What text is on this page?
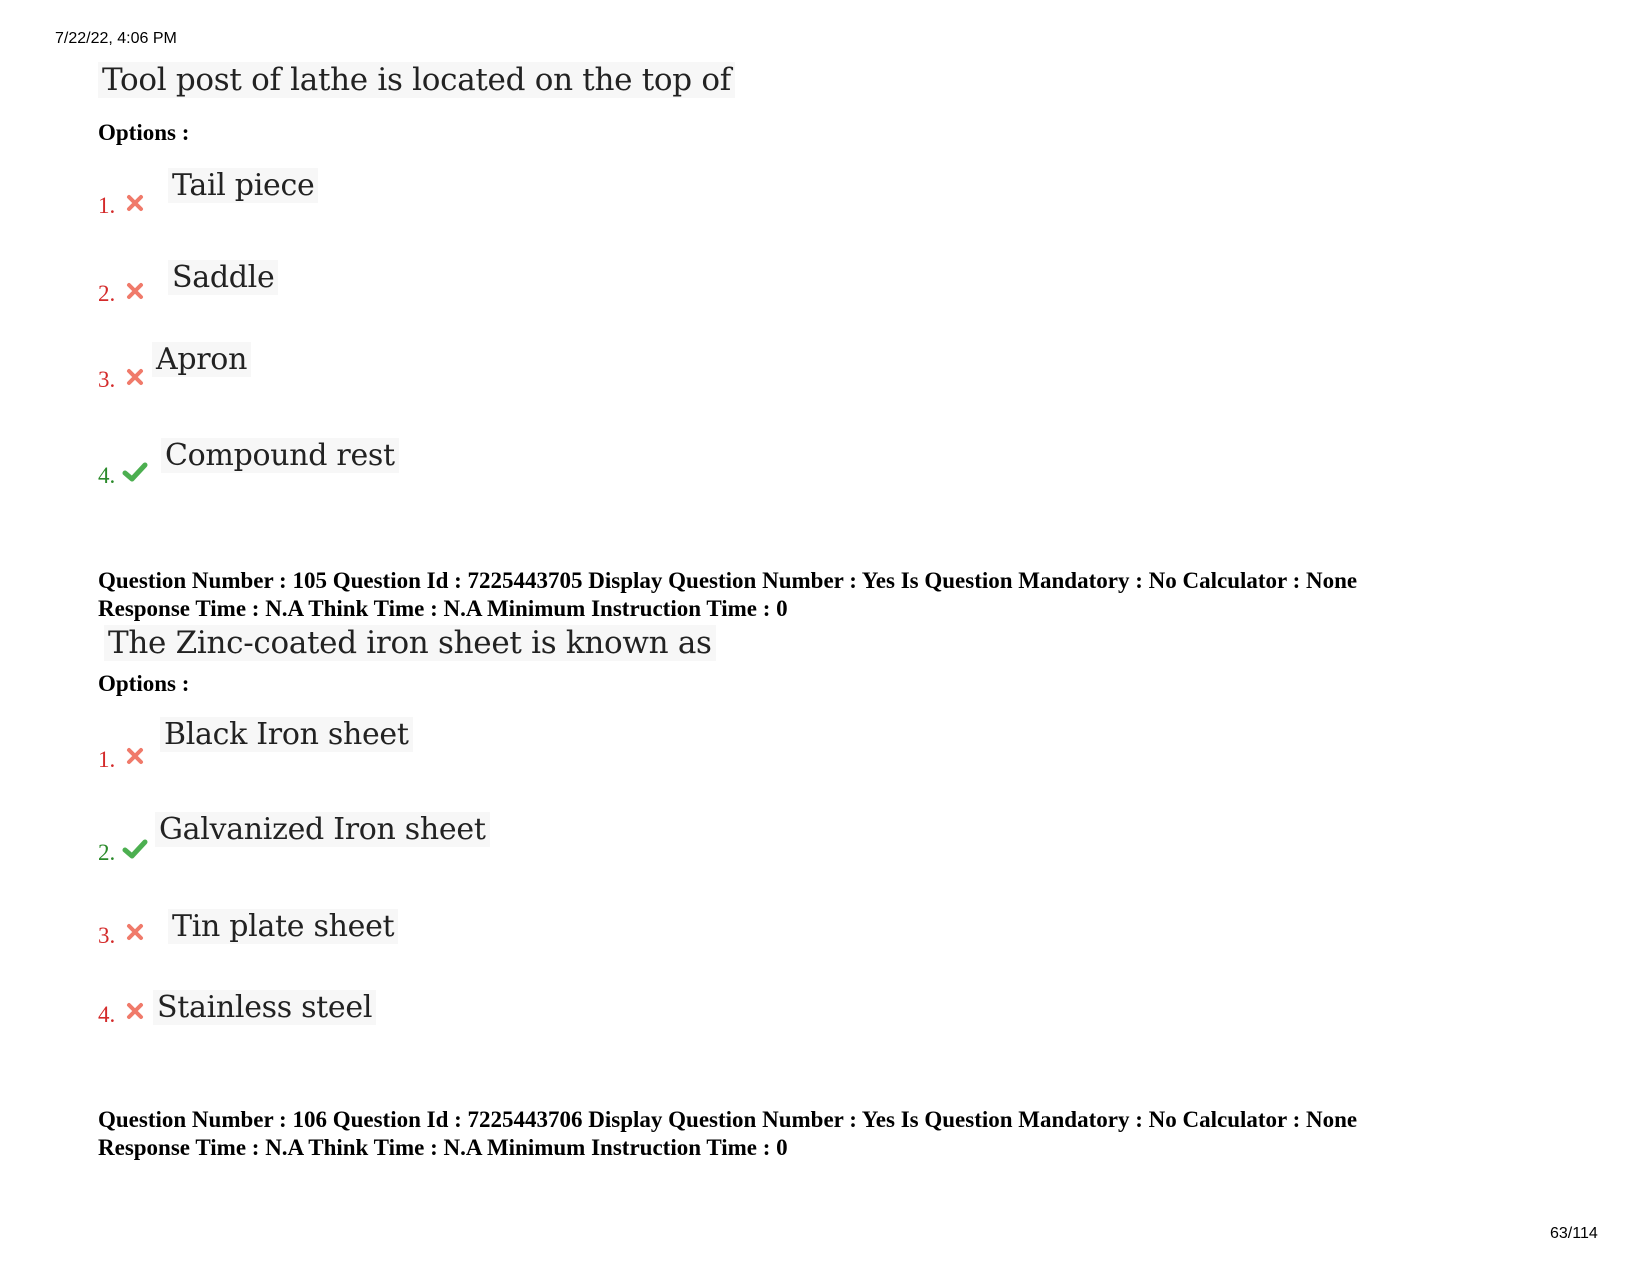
7/22/22, 4:06 PM
Tool post of lathe is located on the top of
Options :
1.
Tail piece
2. Saddle
3.
Apron
4.
Compound rest
Question Number : 105 Question Id : 7225443705 Display Question Number : Yes Is Question Mandatory : No Calculator : None
Response Time : N.A Think Time : N.A Minimum Instruction Time : 0
The Zinc-coated iron sheet is known as
Options :
1.
Black Iron sheet
2.
Galvanized Iron sheet
3. Tin plate sheet
4. Stainless steel
Question Number : 106 Question Id : 7225443706 Display Question Number : Yes Is Question Mandatory : No Calculator : None
Response Time : N.A Think Time : N.A Minimum Instruction Time : 0
63/114
